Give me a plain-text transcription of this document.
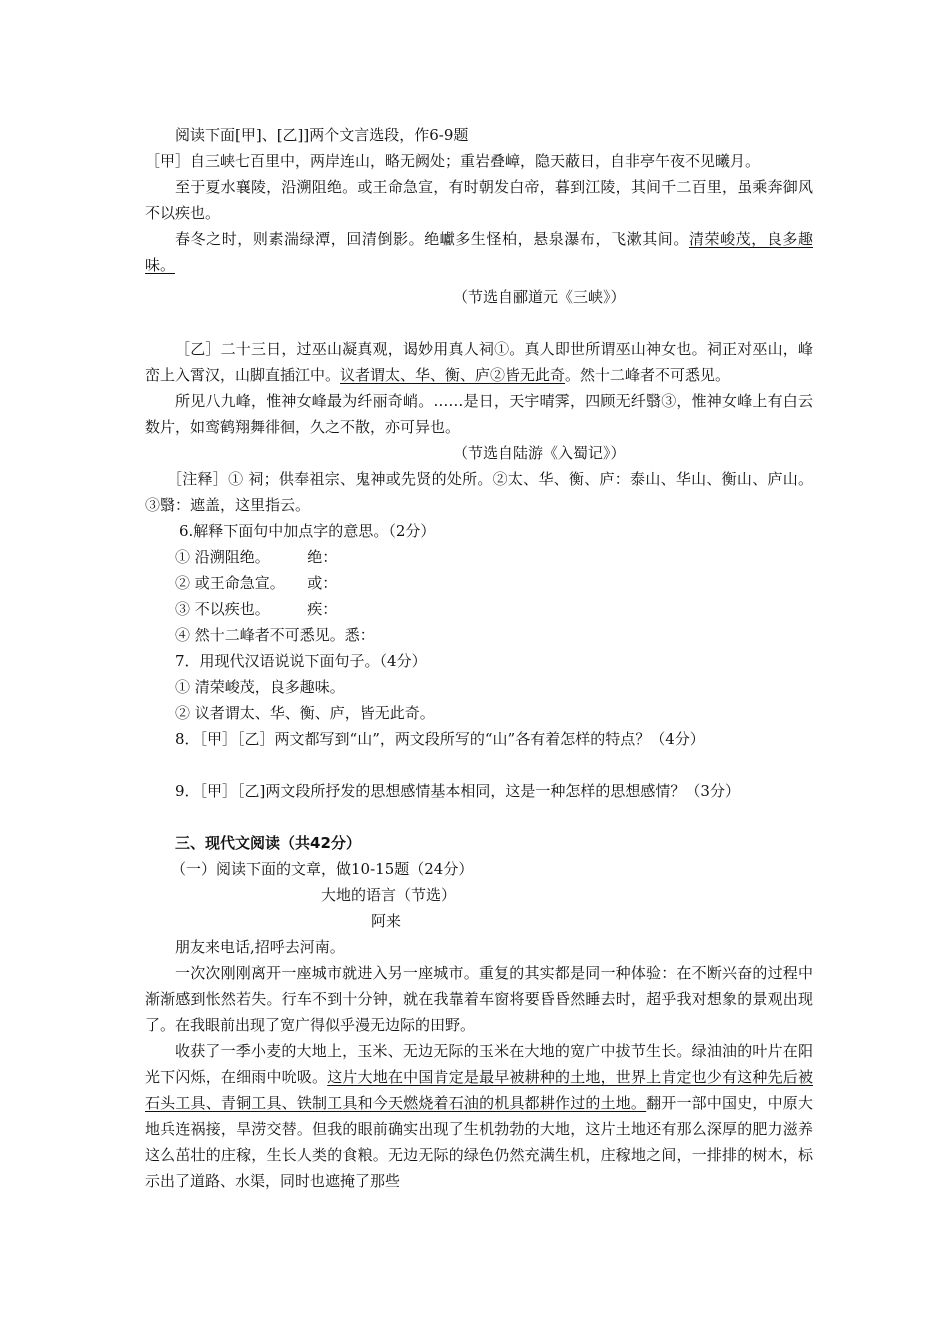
阅读下面[甲]、[乙]]两个文言选段，作6-9题

［甲］自三峡七百里中，两岸连山，略无阙处；重岩叠嶂，隐天蔽日，自非亭午夜不见曦月。

至于夏水襄陵，沿溯阻绝。或王命急宣，有时朝发白帝，暮到江陵，其间千二百里，虽乘奔御风不以疾也。

春冬之时，则素湍绿潭，回清倒影。绝巘多生怪柏，悬泉瀑布，飞漱其间。清荣峻茂，良多趣味。

（节选自郦道元《三峡》）

［乙］二十三日，过巫山凝真观，谒妙用真人祠①。真人即世所谓巫山神女也。祠正对巫山，峰峦上入霄汉，山脚直插江中。议者谓太、华、衡、庐②皆无此奇。然十二峰者不可悉见。

所见八九峰，惟神女峰最为纤丽奇峭。……是日，天宇晴霁，四顾无纤翳③，惟神女峰上有白云数片，如鸾鹤翔舞徘徊，久之不散，亦可异也。

（节选自陆游《入蜀记》）

［注释］① 祠；供奉祖宗、鬼神或先贤的处所。②太、华、衡、庐：泰山、华山、衡山、庐山。③翳：遮盖，这里指云。

6.解释下面句中加点字的意思。（2分）

① 沿溯阻绝。　　　绝：

② 或王命急宣。　　或：

③ 不以疾也。　　　疾：

④ 然十二峰者不可悉见。悉：

7．用现代汉语说说下面句子。（4分）

① 清荣峻茂，良多趣味。

② 议者谓太、华、衡、庐，皆无此奇。

8．［甲］［乙］两文都写到“山”，两文段所写的“山”各有着怎样的特点？（4分）

9．［甲］［乙]两文段所抒发的思想感情基本相同，这是一种怎样的思想感情？（3分）

三、现代文阅读（共42分）

（一）阅读下面的文章，做10-15题（24分）

大地的语言（节选）

阿来

朋友来电话,招呼去河南。

一次次刚刚离开一座城市就进入另一座城市。重复的其实都是同一种体验：在不断兴奋的过程中渐渐感到怅然若失。行车不到十分钟，就在我靠着车窗将要昏昏然睡去时，超乎我对想象的景观出现了。在我眼前出现了宽广得似乎漫无边际的田野。

收获了一季小麦的大地上，玉米、无边无际的玉米在大地的宽广中拔节生长。绿油油的叶片在阳光下闪烁，在细雨中吮吸。这片大地在中国肯定是最早被耕种的土地，世界上肯定也少有这种先后被石头工具、青铜工具、铁制工具和今天燃烧着石油的机具都耕作过的土地。翻开一部中国史，中原大地兵连祸接，旱涝交替。但我的眼前确实出现了生机勃勃的大地，这片土地还有那么深厚的肥力滋养这么茁壮的庄稼，生长人类的食粮。无边无际的绿色仍然充满生机，庄稼地之间，一排排的树木，标示出了道路、水渠，同时也遮掩了那些
